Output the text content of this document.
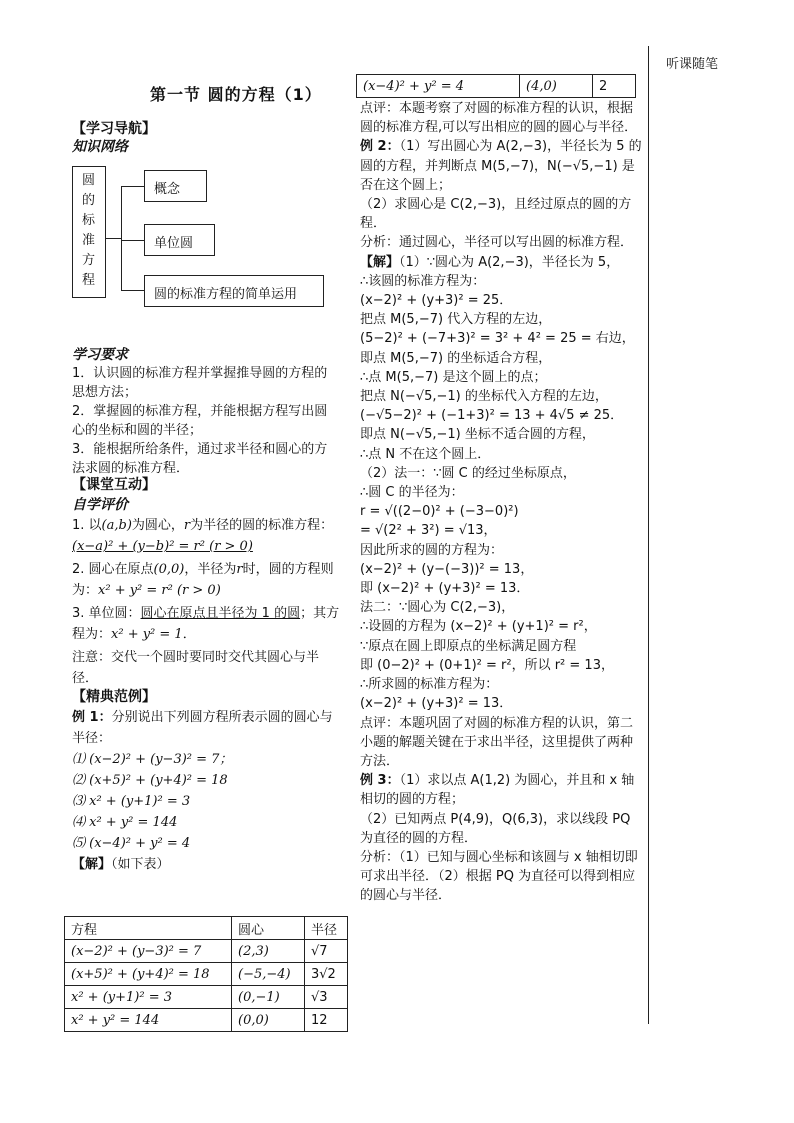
听课随笔
第一节 圆的方程（1）
【学习导航】
知识网络
圆的标准方程
概念
单位圆
圆的标准方程的简单运用
学习要求

1．认识圆的标准方程并掌握推导圆的方程的思想方法；

2．掌握圆的标准方程，并能根据方程写出圆心的坐标和圆的半径；

3．能根据所给条件，通过求半径和圆心的方法求圆的标准方程．

【课堂互动】
自学评价

1. 以(a,b)为圆心，r为半径的圆的标准方程：(x−a)² + (y−b)² = r² (r > 0)

2. 圆心在原点(0,0)，半径为r时，圆的方程则为：x² + y² = r² (r > 0)

3. 单位圆：圆心在原点且半径为 1 的圆；其方程为：x² + y² = 1．

注意：交代一个圆时要同时交代其圆心与半径．

【精典范例】

例 1：分别说出下列圆方程所表示圆的圆心与半径：

⑴ (x−2)² + (y−3)² = 7；

⑵ (x+5)² + (y+4)² = 18

⑶ x² + (y+1)² = 3

⑷ x² + y² = 144

⑸ (x−4)² + y² = 4

【解】（如下表）

方程	圆心	半径
(x−2)² + (y−3)² = 7	(2,3)	√7
(x+5)² + (y+4)² = 18	(−5,−4)	3√2
x² + (y+1)² = 3	(0,−1)	√3
x² + y² = 144	(0,0)	12
(x−4)² + y² = 4	(4,0)	2

点评：本题考察了对圆的标准方程的认识，根据圆的标准方程,可以写出相应的圆的圆心与半径．

例 2：（1）写出圆心为 A(2,−3)，半径长为 5 的圆的方程，并判断点 M(5,−7)，N(−√5,−1) 是否在这个圆上；

（2）求圆心是 C(2,−3)，且经过原点的圆的方程．

分析：通过圆心，半径可以写出圆的标准方程．

【解】（1）∵圆心为 A(2,−3)，半径长为 5，

∴该圆的标准方程为：

(x−2)² + (y+3)² = 25．

把点 M(5,−7) 代入方程的左边，

(5−2)² + (−7+3)² = 3² + 4² = 25 = 右边，

即点 M(5,−7) 的坐标适合方程，

∴点 M(5,−7) 是这个圆上的点；

把点 N(−√5,−1) 的坐标代入方程的左边，

(−√5−2)² + (−1+3)² = 13 + 4√5 ≠ 25．

即点 N(−√5,−1) 坐标不适合圆的方程，

∴点 N 不在这个圆上．

（2）法一：∵圆 C 的经过坐标原点，

∴圆 C 的半径为：

r = √((2−0)² + (−3−0)²)

= √(2² + 3²) = √13，

因此所求的圆的方程为：

(x−2)² + (y−(−3))² = 13，

即 (x−2)² + (y+3)² = 13．

法二：∵圆心为 C(2,−3)，

∴设圆的方程为 (x−2)² + (y+1)² = r²，

∵原点在圆上即原点的坐标满足圆方程

即 (0−2)² + (0+1)² = r²，所以 r² = 13，

∴所求圆的标准方程为：

(x−2)² + (y+3)² = 13．

点评：本题巩固了对圆的标准方程的认识，第二小题的解题关键在于求出半径，这里提供了两种方法．

例 3：（1）求以点 A(1,2) 为圆心，并且和 x 轴相切的圆的方程；

（2）已知两点 P(4,9)，Q(6,3)，求以线段 PQ 为直径的圆的方程．

分析：（1）已知与圆心坐标和该圆与 x 轴相切即可求出半径．（2）根据 PQ 为直径可以得到相应的圆心与半径．
